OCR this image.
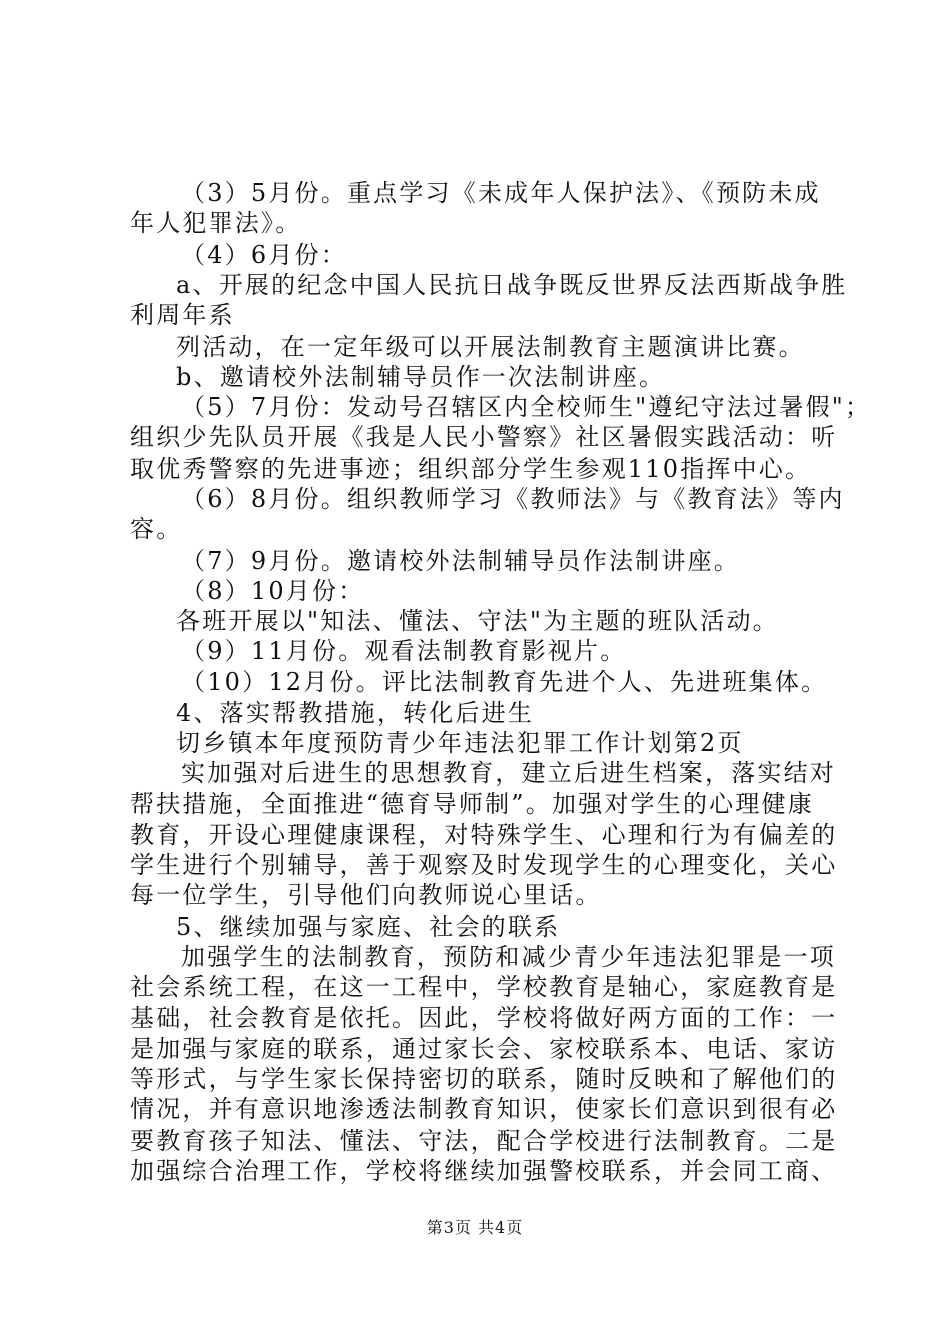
（3）5月份。重点学习《未成年人保护法》、《预防未成
年人犯罪法》。
（4）6月份：
a、开展的纪念中国人民抗日战争既反世界反法西斯战争胜
利周年系
列活动，在一定年级可以开展法制教育主题演讲比赛。
b、邀请校外法制辅导员作一次法制讲座。
（5）7月份：发动号召辖区内全校师生"遵纪守法过暑假"；
组织少先队员开展《我是人民小警察》社区暑假实践活动：听
取优秀警察的先进事迹；组织部分学生参观110指挥中心。
（6）8月份。组织教师学习《教师法》与《教育法》等内
容。
（7）9月份。邀请校外法制辅导员作法制讲座。
（8）10月份：
各班开展以"知法、懂法、守法"为主题的班队活动。
（9）11月份。观看法制教育影视片。
（10）12月份。评比法制教育先进个人、先进班集体。
4、落实帮教措施，转化后进生
切乡镇本年度预防青少年违法犯罪工作计划第2页
实加强对后进生的思想教育，建立后进生档案，落实结对
帮扶措施，全面推进“德育导师制”。加强对学生的心理健康
教育，开设心理健康课程，对特殊学生、心理和行为有偏差的
学生进行个别辅导，善于观察及时发现学生的心理变化，关心
每一位学生，引导他们向教师说心里话。
5、继续加强与家庭、社会的联系
加强学生的法制教育，预防和减少青少年违法犯罪是一项
社会系统工程，在这一工程中，学校教育是轴心，家庭教育是
基础，社会教育是依托。因此，学校将做好两方面的工作：一
是加强与家庭的联系，通过家长会、家校联系本、电话、家访
等形式，与学生家长保持密切的联系，随时反映和了解他们的
情况，并有意识地渗透法制教育知识，使家长们意识到很有必
要教育孩子知法、懂法、守法，配合学校进行法制教育。二是
加强综合治理工作，学校将继续加强警校联系，并会同工商、
第3页 共4页
